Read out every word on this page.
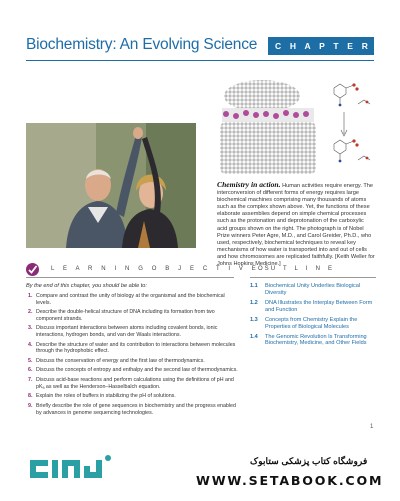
Biochemistry: An Evolving Science	C H A P T E R 1
Chemistry in action. Human activities require energy. The interconversion of different forms of energy requires large biochemical machines comprising many thousands of atoms such as the complex shown above. Yet, the functions of these elaborate assemblies depend on simple chemical processes such as the protonation and deprotonation of the carboxylic acid groups shown on the right. The photograph is of Nobel Prize winners Peter Agre, M.D., and Carol Greider, Ph.D., who used, respectively, biochemical techniques to reveal key mechanisms of how water is transported into and out of cells and how chromosomes are replicated faithfully. [Keith Weller for Johns Hopkins Medicine.]
L E A R N I N G O B J E C T I V E S
By the end of this chapter, you should be able to:
1. Compare and contrast the unity of biology at the organismal and the biochemical levels.
2. Describe the double-helical structure of DNA including its formation from two component strands.
3. Discuss important interactions between atoms including covalent bonds, ionic interactions, hydrogen bonds, and van der Waals interactions.
4. Describe the structure of water and its contribution to interactions between molecules through the hydrophobic effect.
5. Discuss the conservation of energy and the first law of thermodynamics.
6. Discuss the concepts of entropy and enthalpy and the second law of thermodynamics.
7. Discuss acid-base reactions and perform calculations using the definitions of pH and pKₐ as well as the Henderson–Hasselbalch equation.
8. Explain the roles of buffers in stabilizing the pH of solutions.
9. Briefly describe the role of gene sequences in biochemistry and the progress enabled by advances in genome sequencing technologies.
O U T L I N E
1.1 Biochemical Unity Underlies Biological Diversity
1.2 DNA Illustrates the Interplay Between Form and Function
1.3 Concepts from Chemistry Explain the Properties of Biological Molecules
1.4 The Genomic Revolution Is Transforming Biochemistry, Medicine, and Other Fields
1
فروشگاه کتاب پزشکی ستابوک
WWW.SETABOOK.COM
